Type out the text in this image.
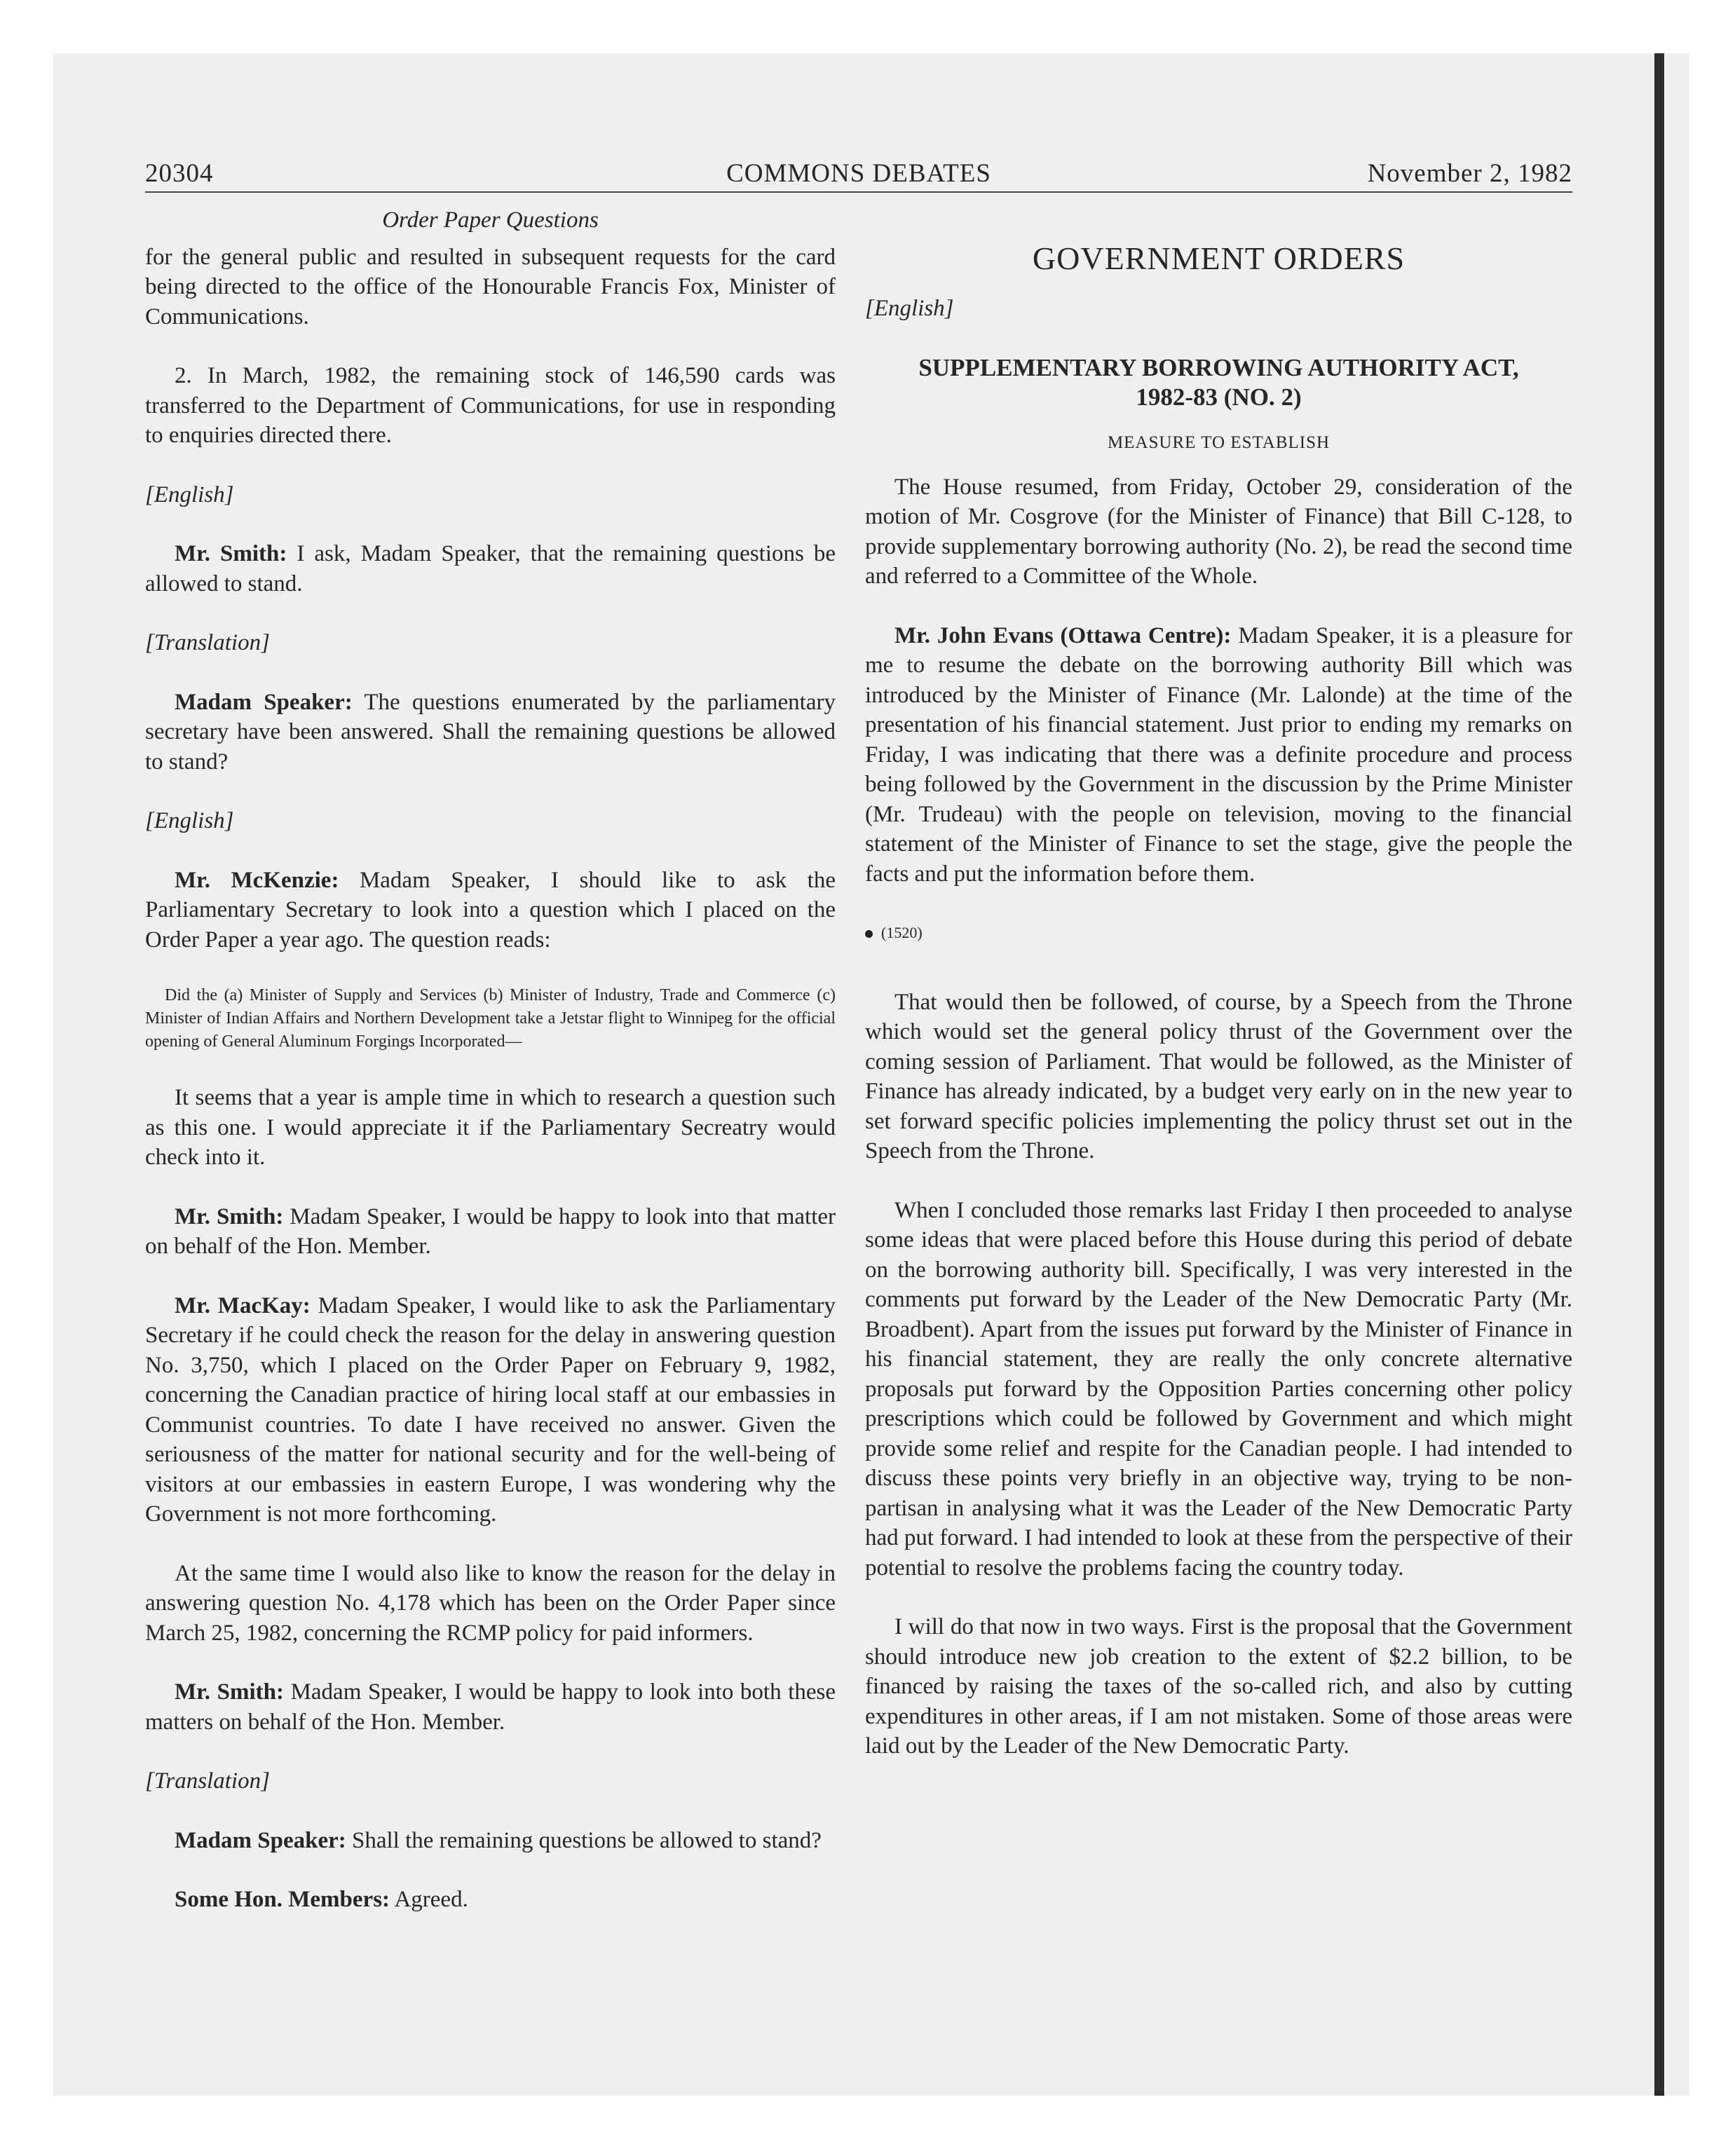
20304	COMMONS DEBATES	November 2, 1982

Order Paper Questions

for the general public and resulted in subsequent requests for the card being directed to the office of the Honourable Francis Fox, Minister of Communications.

2. In March, 1982, the remaining stock of 146,590 cards was transferred to the Department of Communications, for use in responding to enquiries directed there.

[English]

Mr. Smith: I ask, Madam Speaker, that the remaining questions be allowed to stand.

[Translation]

Madam Speaker: The questions enumerated by the parliamentary secretary have been answered. Shall the remaining questions be allowed to stand?

[English]

Mr. McKenzie: Madam Speaker, I should like to ask the Parliamentary Secretary to look into a question which I placed on the Order Paper a year ago. The question reads:

Did the (a) Minister of Supply and Services (b) Minister of Industry, Trade and Commerce (c) Minister of Indian Affairs and Northern Development take a Jetstar flight to Winnipeg for the official opening of General Aluminum Forgings Incorporated—

It seems that a year is ample time in which to research a question such as this one. I would appreciate it if the Parliamentary Secreatry would check into it.

Mr. Smith: Madam Speaker, I would be happy to look into that matter on behalf of the Hon. Member.

Mr. MacKay: Madam Speaker, I would like to ask the Parliamentary Secretary if he could check the reason for the delay in answering question No. 3,750, which I placed on the Order Paper on February 9, 1982, concerning the Canadian practice of hiring local staff at our embassies in Communist countries. To date I have received no answer. Given the seriousness of the matter for national security and for the well-being of visitors at our embassies in eastern Europe, I was wondering why the Government is not more forthcoming.

At the same time I would also like to know the reason for the delay in answering question No. 4,178 which has been on the Order Paper since March 25, 1982, concerning the RCMP policy for paid informers.

Mr. Smith: Madam Speaker, I would be happy to look into both these matters on behalf of the Hon. Member.

[Translation]

Madam Speaker: Shall the remaining questions be allowed to stand?

Some Hon. Members: Agreed.

GOVERNMENT ORDERS

[English]

SUPPLEMENTARY BORROWING AUTHORITY ACT,
1982-83 (NO. 2)
MEASURE TO ESTABLISH

The House resumed, from Friday, October 29, consideration of the motion of Mr. Cosgrove (for the Minister of Finance) that Bill C-128, to provide supplementary borrowing authority (No. 2), be read the second time and referred to a Committee of the Whole.

Mr. John Evans (Ottawa Centre): Madam Speaker, it is a pleasure for me to resume the debate on the borrowing authority Bill which was introduced by the Minister of Finance (Mr. Lalonde) at the time of the presentation of his financial statement. Just prior to ending my remarks on Friday, I was indicating that there was a definite procedure and process being followed by the Government in the discussion by the Prime Minister (Mr. Trudeau) with the people on television, moving to the financial statement of the Minister of Finance to set the stage, give the people the facts and put the information before them.

(1520)

That would then be followed, of course, by a Speech from the Throne which would set the general policy thrust of the Government over the coming session of Parliament. That would be followed, as the Minister of Finance has already indicated, by a budget very early on in the new year to set forward specific policies implementing the policy thrust set out in the Speech from the Throne.

When I concluded those remarks last Friday I then proceeded to analyse some ideas that were placed before this House during this period of debate on the borrowing authority bill. Specifically, I was very interested in the comments put forward by the Leader of the New Democratic Party (Mr. Broadbent). Apart from the issues put forward by the Minister of Finance in his financial statement, they are really the only concrete alternative proposals put forward by the Opposition Parties concerning other policy prescriptions which could be followed by Government and which might provide some relief and respite for the Canadian people. I had intended to discuss these points very briefly in an objective way, trying to be non-partisan in analysing what it was the Leader of the New Democratic Party had put forward. I had intended to look at these from the perspective of their potential to resolve the problems facing the country today.

I will do that now in two ways. First is the proposal that the Government should introduce new job creation to the extent of $2.2 billion, to be financed by raising the taxes of the so-called rich, and also by cutting expenditures in other areas, if I am not mistaken. Some of those areas were laid out by the Leader of the New Democratic Party.
